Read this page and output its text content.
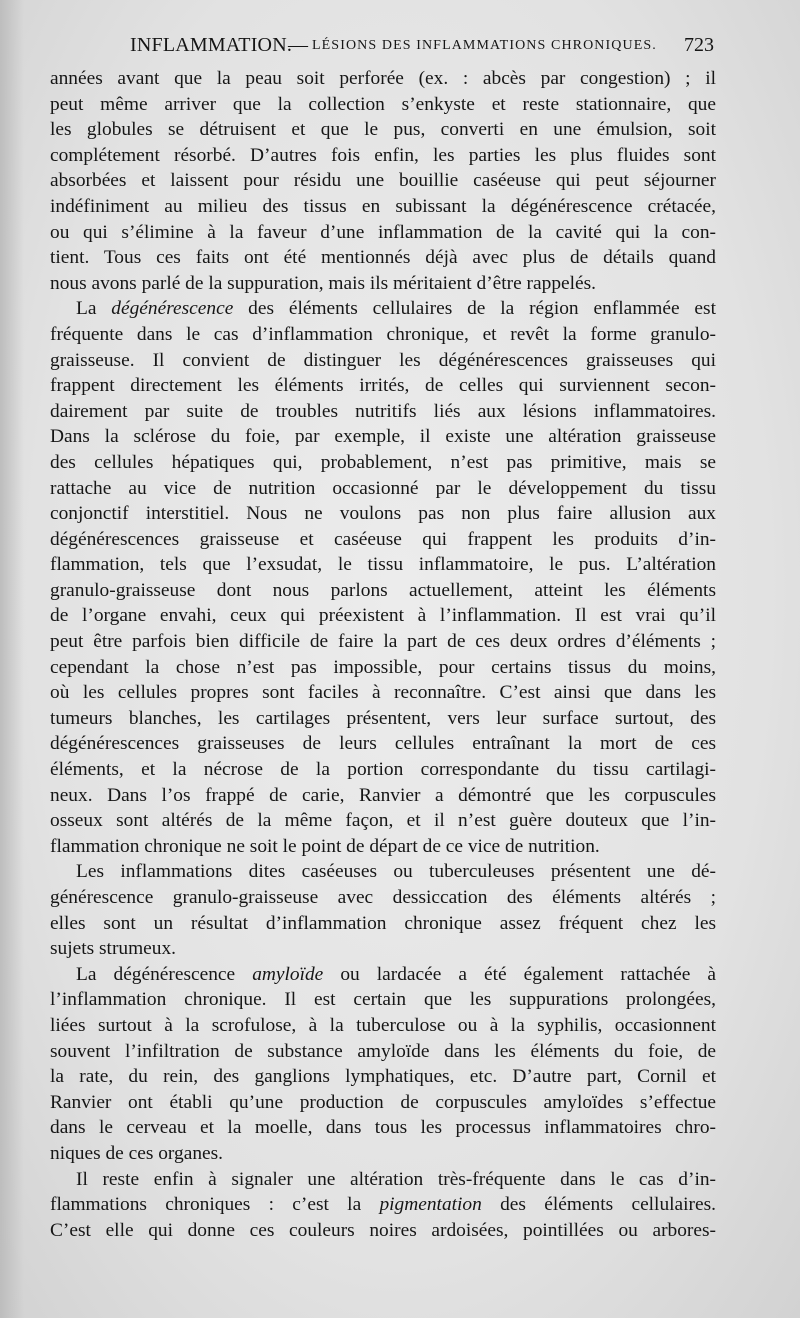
INFLAMMATION.
— LÉSIONS DES INFLAMMATIONS CHRONIQUES. 723
années avant que la peau soit perforée (ex. : abcès par congestion) ; il
peut même arriver que la collection s’enkyste et reste stationnaire, que
les globules se détruisent et que le pus, converti en une émulsion, soit
complétement résorbé. D’autres fois enfin, les parties les plus fluides sont
absorbées et laissent pour résidu une bouillie caséeuse qui peut séjourner
indéfiniment au milieu des tissus en subissant la dégénérescence crétacée,
ou qui s’élimine à la faveur d’une inflammation de la cavité qui la con-
tient. Tous ces faits ont été mentionnés déjà avec plus de détails quand
nous avons parlé de la suppuration, mais ils méritaient d’être rappelés.
La dégénérescence des éléments cellulaires de la région enflammée est
fréquente dans le cas d’inflammation chronique, et revêt la forme granulo-
graisseuse. Il convient de distinguer les dégénérescences graisseuses qui
frappent directement les éléments irrités, de celles qui surviennent secon-
dairement par suite de troubles nutritifs liés aux lésions inflammatoires.
Dans la sclérose du foie, par exemple, il existe une altération graisseuse
des cellules hépatiques qui, probablement, n’est pas primitive, mais se
rattache au vice de nutrition occasionné par le développement du tissu
conjonctif interstitiel. Nous ne voulons pas non plus faire allusion aux
dégénérescences graisseuse et caséeuse qui frappent les produits d’in-
flammation, tels que l’exsudat, le tissu inflammatoire, le pus. L’altération
granulo-graisseuse dont nous parlons actuellement, atteint les éléments
de l’organe envahi, ceux qui préexistent à l’inflammation. Il est vrai qu’il
peut être parfois bien difficile de faire la part de ces deux ordres d’éléments ;
cependant la chose n’est pas impossible, pour certains tissus du moins,
où les cellules propres sont faciles à reconnaître. C’est ainsi que dans les
tumeurs blanches, les cartilages présentent, vers leur surface surtout, des
dégénérescences graisseuses de leurs cellules entraînant la mort de ces
éléments, et la nécrose de la portion correspondante du tissu cartilagi-
neux. Dans l’os frappé de carie, Ranvier a démontré que les corpuscules
osseux sont altérés de la même façon, et il n’est guère douteux que l’in-
flammation chronique ne soit le point de départ de ce vice de nutrition.
Les inflammations dites caséeuses ou tuberculeuses présentent une dé-
générescence granulo-graisseuse avec dessiccation des éléments altérés ;
elles sont un résultat d’inflammation chronique assez fréquent chez les
sujets strumeux.
La dégénérescence amyloïde ou lardacée a été également rattachée à
l’inflammation chronique. Il est certain que les suppurations prolongées,
liées surtout à la scrofulose, à la tuberculose ou à la syphilis, occasionnent
souvent l’infiltration de substance amyloïde dans les éléments du foie, de
la rate, du rein, des ganglions lymphatiques, etc. D’autre part, Cornil et
Ranvier ont établi qu’une production de corpuscules amyloïdes s’effectue
dans le cerveau et la moelle, dans tous les processus inflammatoires chro-
niques de ces organes.
Il reste enfin à signaler une altération très-fréquente dans le cas d’in-
flammations chroniques : c’est la pigmentation des éléments cellulaires.
C’est elle qui donne ces couleurs noires ardoisées, pointillées ou arbores-
